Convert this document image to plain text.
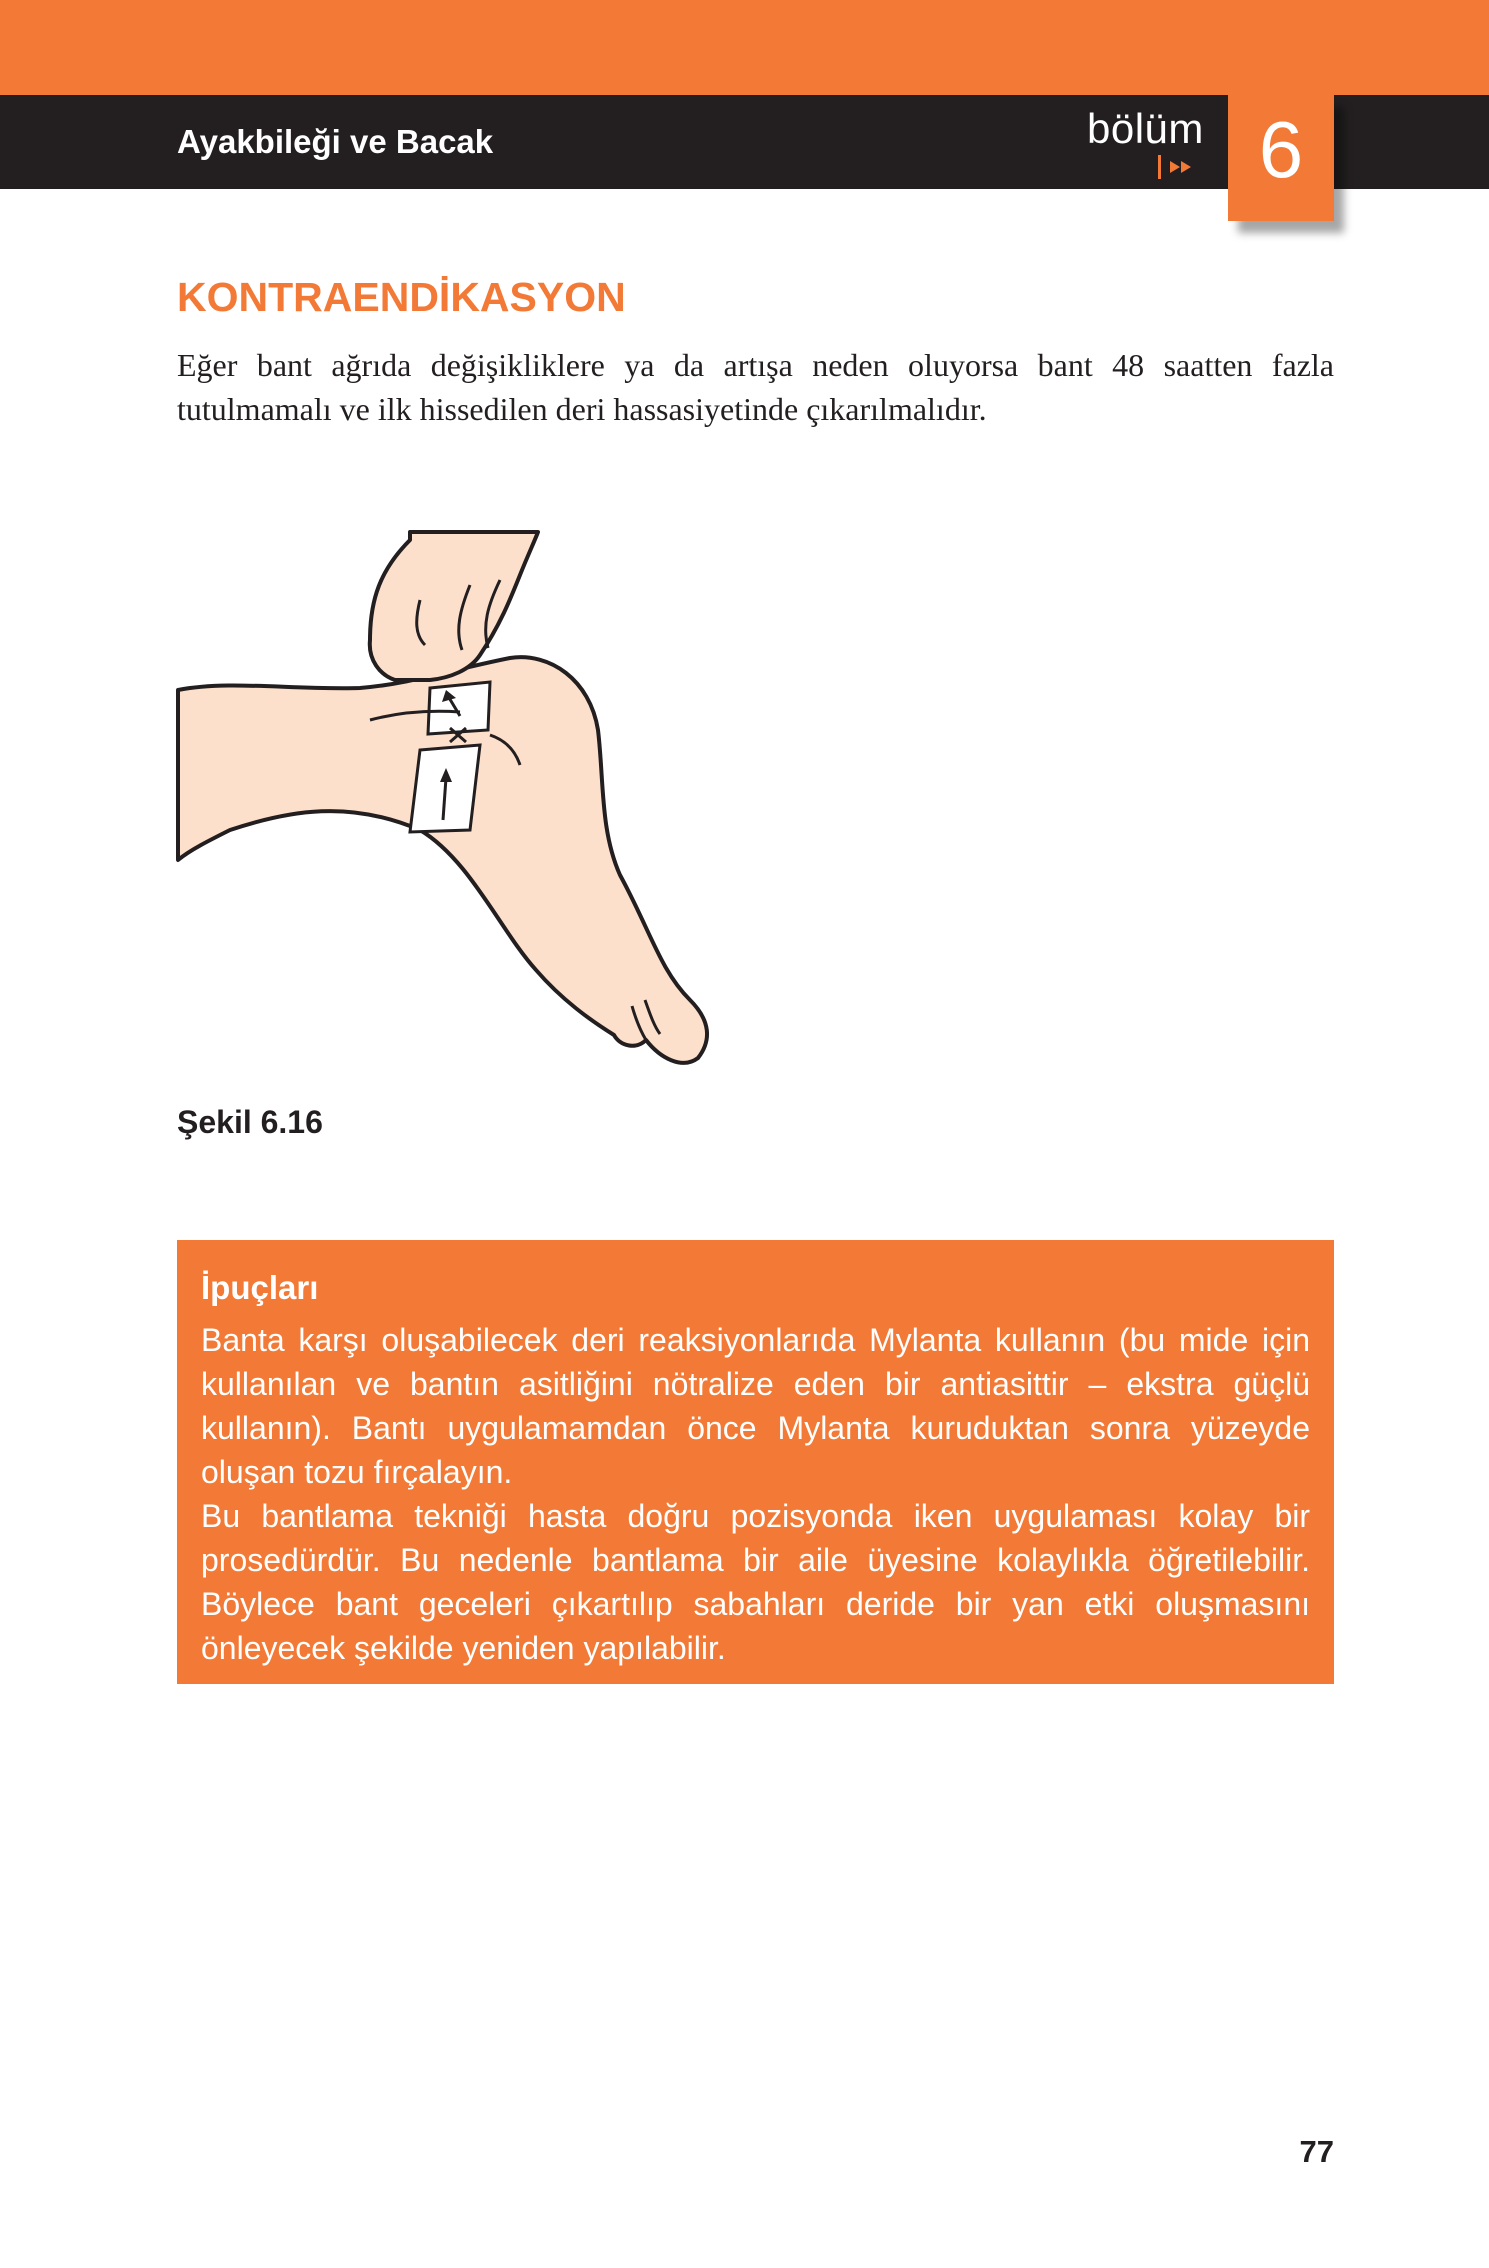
Ayakbileği ve Bacak	bölüm 6
KONTRAENDİKASYON

Eğer bant ağrıda değişikliklere ya da artışa neden oluyorsa bant 48 saatten fazla tutulmamalı ve ilk hissedilen deri hassasiyetinde çıkarılmalıdır.

Şekil 6.16
İpuçları

Banta karşı oluşabilecek deri reaksiyonlarıda Mylanta kullanın (bu mide için kullanılan ve bantın asitliğini nötralize eden bir antiasittir – ekstra güçlü kullanın). Bantı uygulamamdan önce Mylanta kuruduktan sonra yüzeyde oluşan tozu fırçalayın.

Bu bantlama tekniği hasta doğru pozisyonda iken uygulaması kolay bir prosedürdür. Bu nedenle bantlama bir aile üyesine kolaylıkla öğretilebilir. Böylece bant geceleri çıkartılıp sabahları deride bir yan etki oluşmasını önleyecek şekilde yeniden yapılabilir.

77
